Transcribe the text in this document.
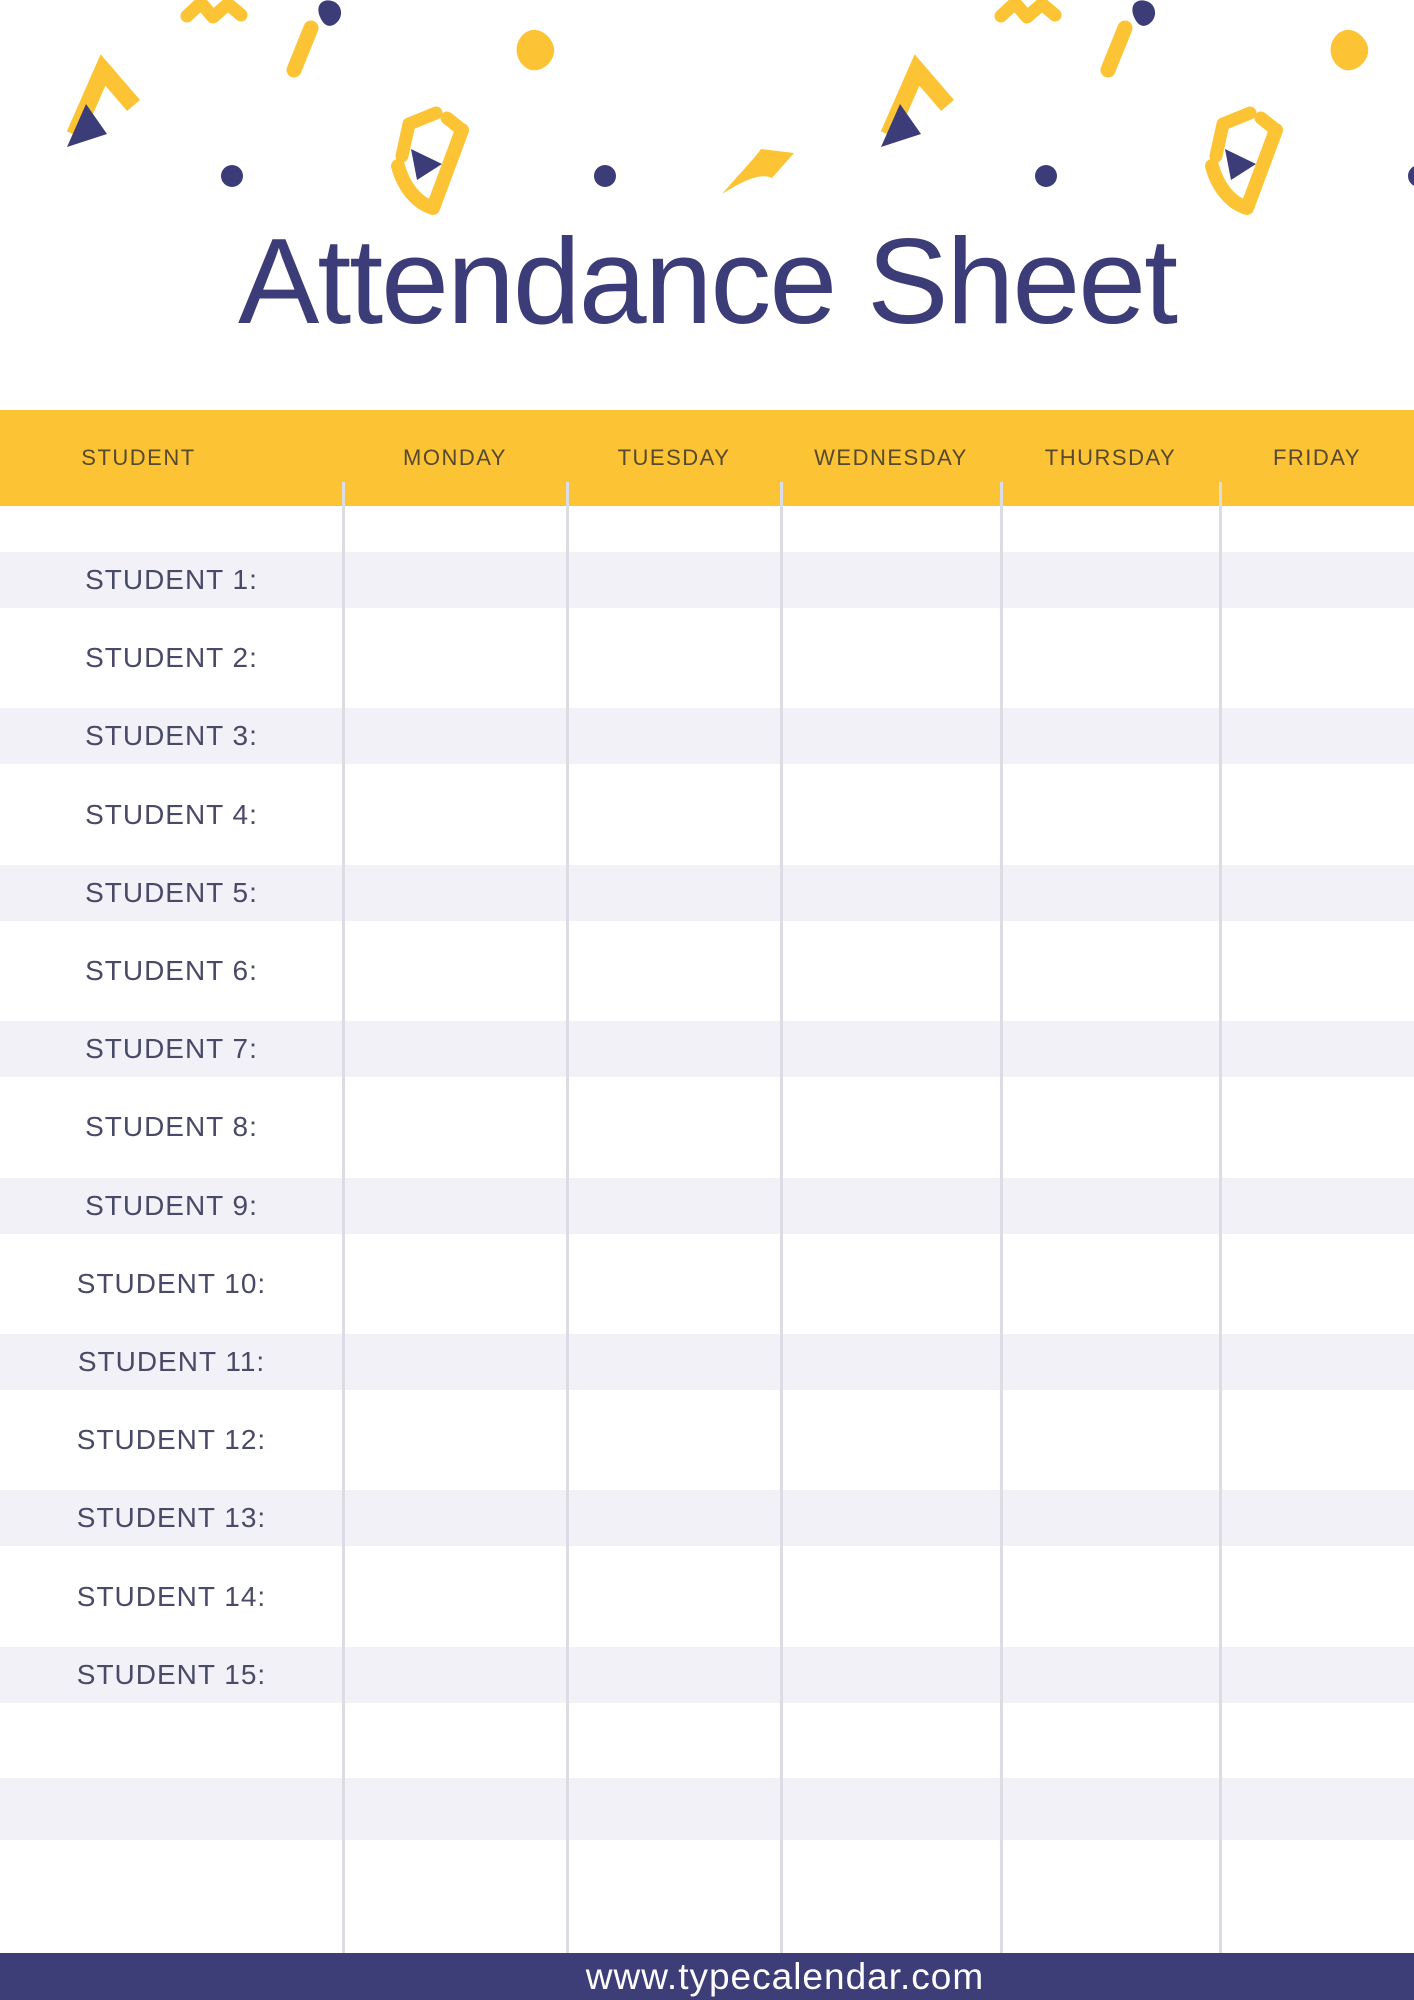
Attendance Sheet
STUDENT	MONDAY	TUESDAY	WEDNESDAY	THURSDAY	FRIDAY
STUDENT 1:
STUDENT 2:
STUDENT 3:
STUDENT 4:
STUDENT 5:
STUDENT 6:
STUDENT 7:
STUDENT 8:
STUDENT 9:
STUDENT 10:
STUDENT 11:
STUDENT 12:
STUDENT 13:
STUDENT 14:
STUDENT 15:
www.typecalendar.com
